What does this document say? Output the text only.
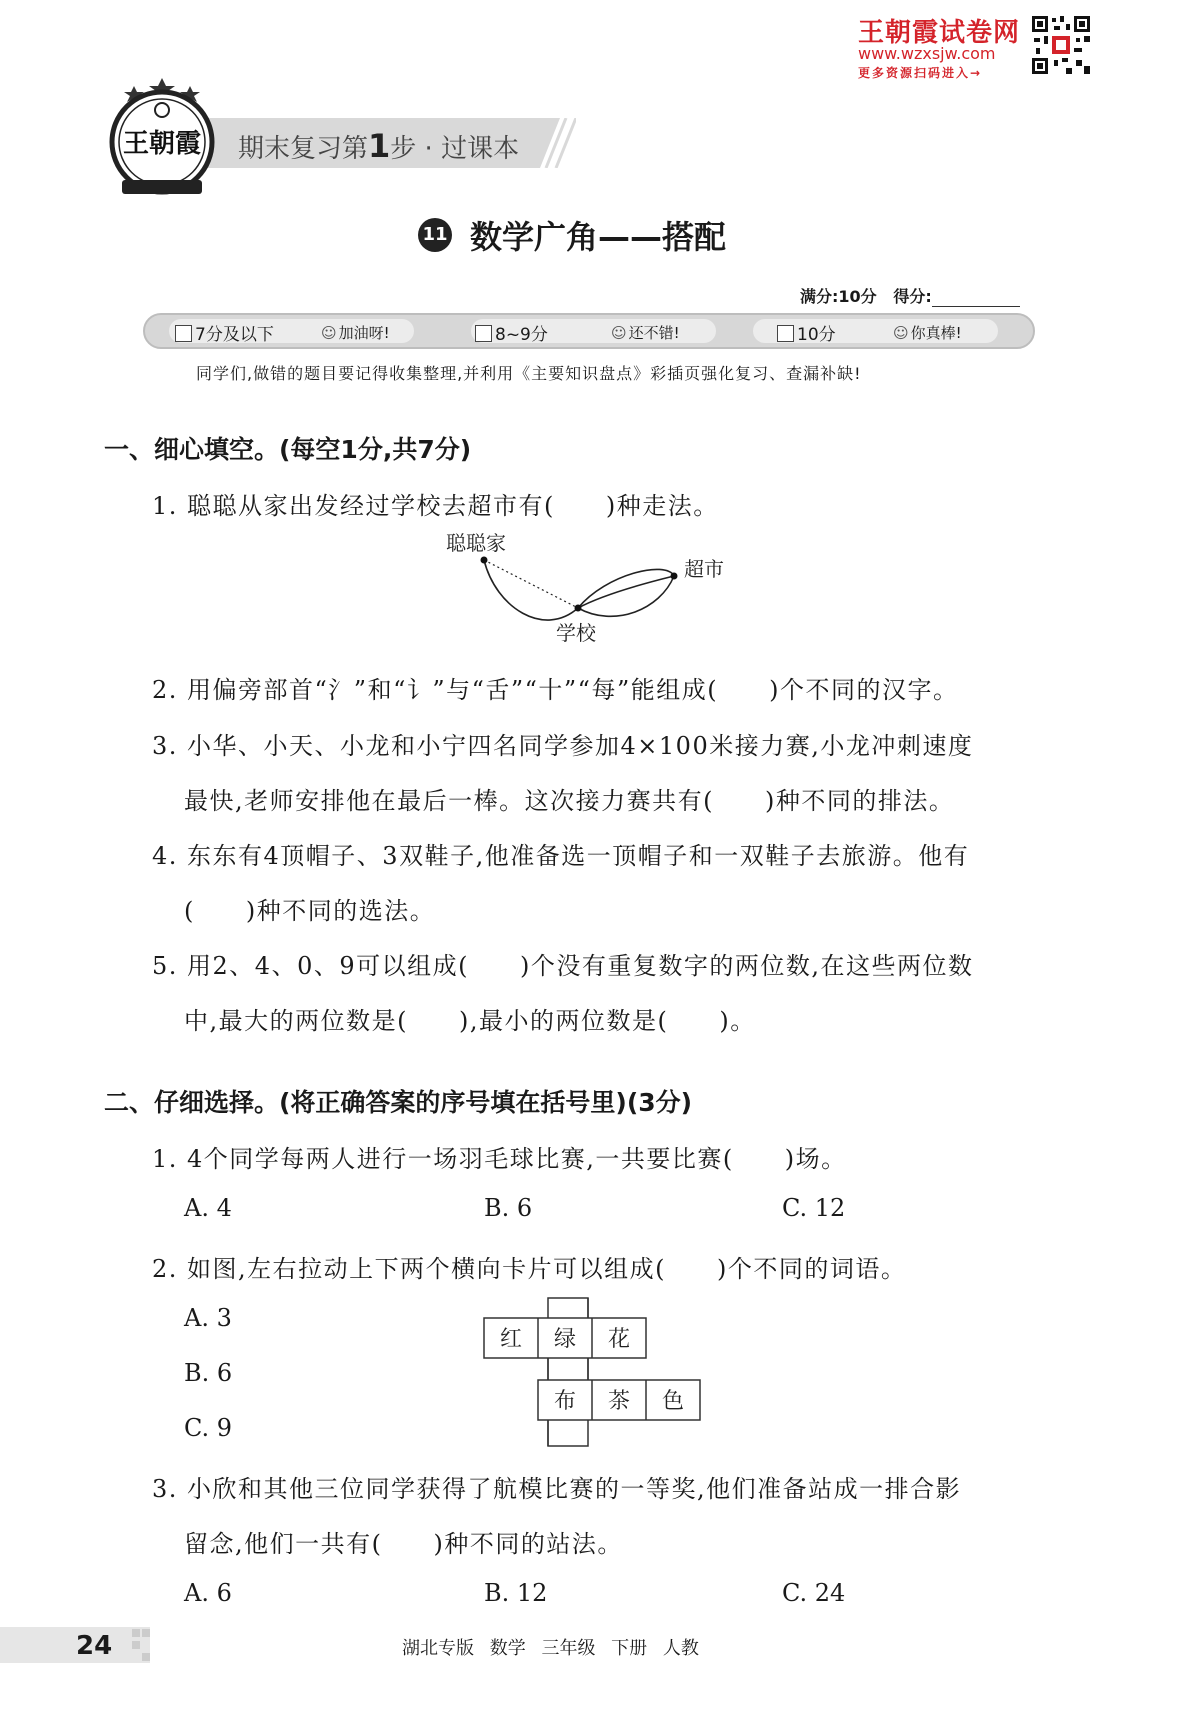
王朝霞试卷网
www.wzxsjw.com
更多资源扫码进入→
王朝霞 期末复习第1步 · 过课本
11 数学广角——搭配
满分:10分 得分:
7分及以下	☺ 加油呀!	8~9分	☺ 还不错!	10分	☺ 你真棒!
同学们,做错的题目要记得收集整理,并利用《主要知识盘点》彩插页强化复习、查漏补缺!
一、细心填空。(每空1分,共7分)
1. 聪聪从家出发经过学校去超市有(　　)种走法。
聪聪家
学校
超市
2. 用偏旁部首“氵”和“讠”与“舌”“十”“每”能组成(　　)个不同的汉字。
3. 小华、小天、小龙和小宁四名同学参加4×100米接力赛,小龙冲刺速度
最快,老师安排他在最后一棒。这次接力赛共有(　　)种不同的排法。
4. 东东有4顶帽子、3双鞋子,他准备选一顶帽子和一双鞋子去旅游。他有
(　　)种不同的选法。
5. 用2、4、0、9可以组成(　　)个没有重复数字的两位数,在这些两位数
中,最大的两位数是(　　),最小的两位数是(　　)。
二、仔细选择。(将正确答案的序号填在括号里)(3分)
1. 4个同学每两人进行一场羽毛球比赛,一共要比赛(　　)场。
A. 4	B. 6	C. 12
2. 如图,左右拉动上下两个横向卡片可以组成(　　)个不同的词语。
A. 3
B. 6
C. 9
红 绿 花
布 茶 色
3. 小欣和其他三位同学获得了航模比赛的一等奖,他们准备站成一排合影
留念,他们一共有(　　)种不同的站法。
A. 6	B. 12	C. 24
24	湖北专版 数学 三年级 下册 人教
